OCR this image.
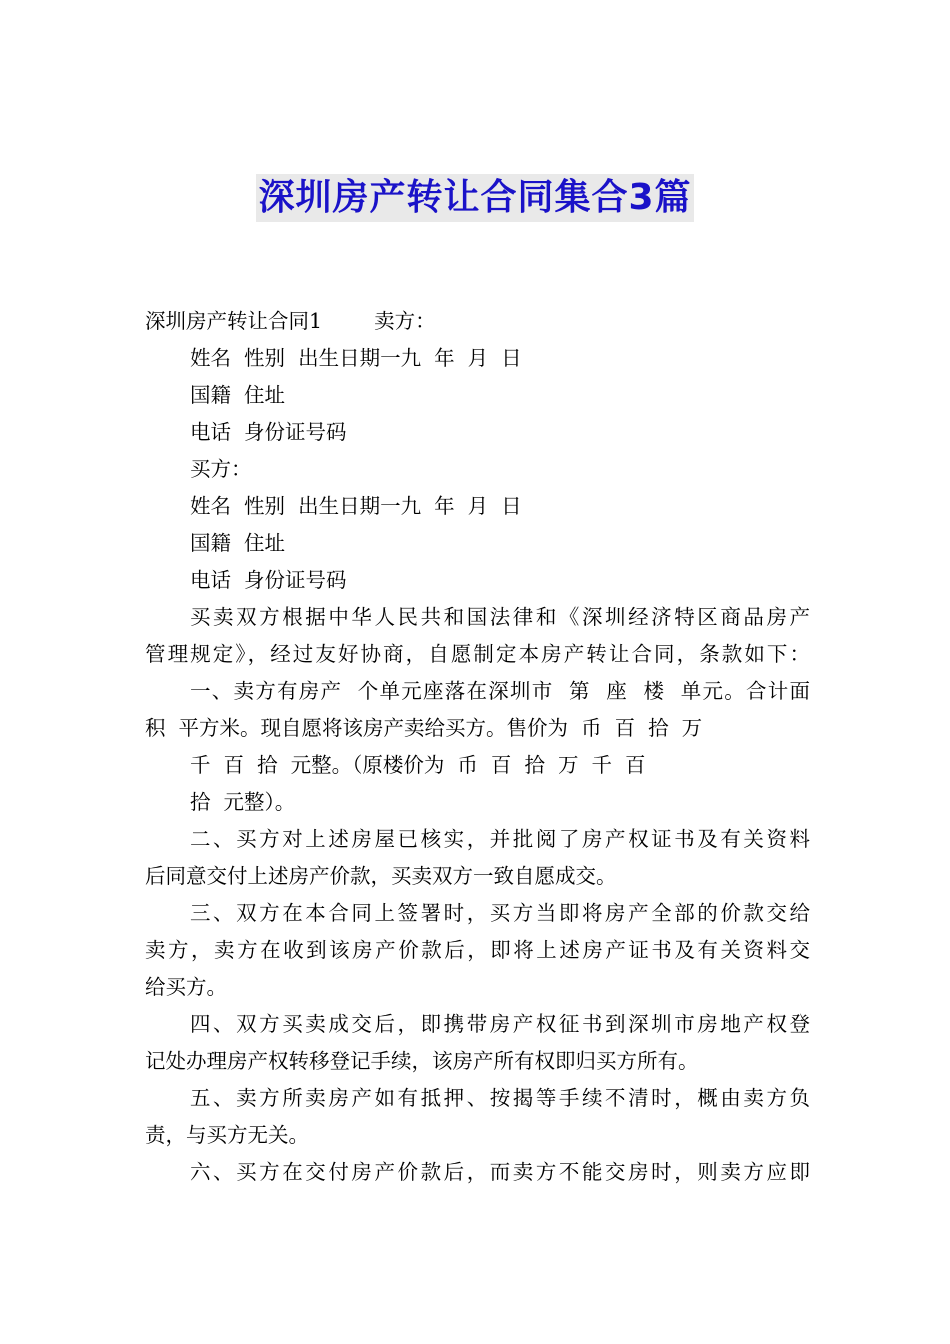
深圳房产转让合同集合3篇
深圳房产转让合同1        卖方：
姓名  性别  出生日期一九  年  月  日
国籍  住址
电话  身份证号码
买方：
姓名  性别  出生日期一九  年  月  日
国籍  住址
电话  身份证号码
买卖双方根据中华人民共和国法律和《深圳经济特区商品房产
管理规定》，经过友好协商，自愿制定本房产转让合同，条款如下：
一、卖方有房产  个单元座落在深圳市  第  座  楼  单元。合计面
积  平方米。现自愿将该房产卖给买方。售价为  币  百  拾  万
千  百  拾  元整。（原楼价为  币  百  拾  万  千  百
拾  元整）。
二、买方对上述房屋已核实，并批阅了房产权证书及有关资料
后同意交付上述房产价款，买卖双方一致自愿成交。
三、双方在本合同上签署时，买方当即将房产全部的价款交给
卖方，卖方在收到该房产价款后，即将上述房产证书及有关资料交
给买方。
四、双方买卖成交后，即携带房产权征书到深圳市房地产权登
记处办理房产权转移登记手续，该房产所有权即归买方所有。
五、卖方所卖房产如有抵押、按揭等手续不清时，概由卖方负
责，与买方无关。
六、买方在交付房产价款后，而卖方不能交房时，则卖方应即
